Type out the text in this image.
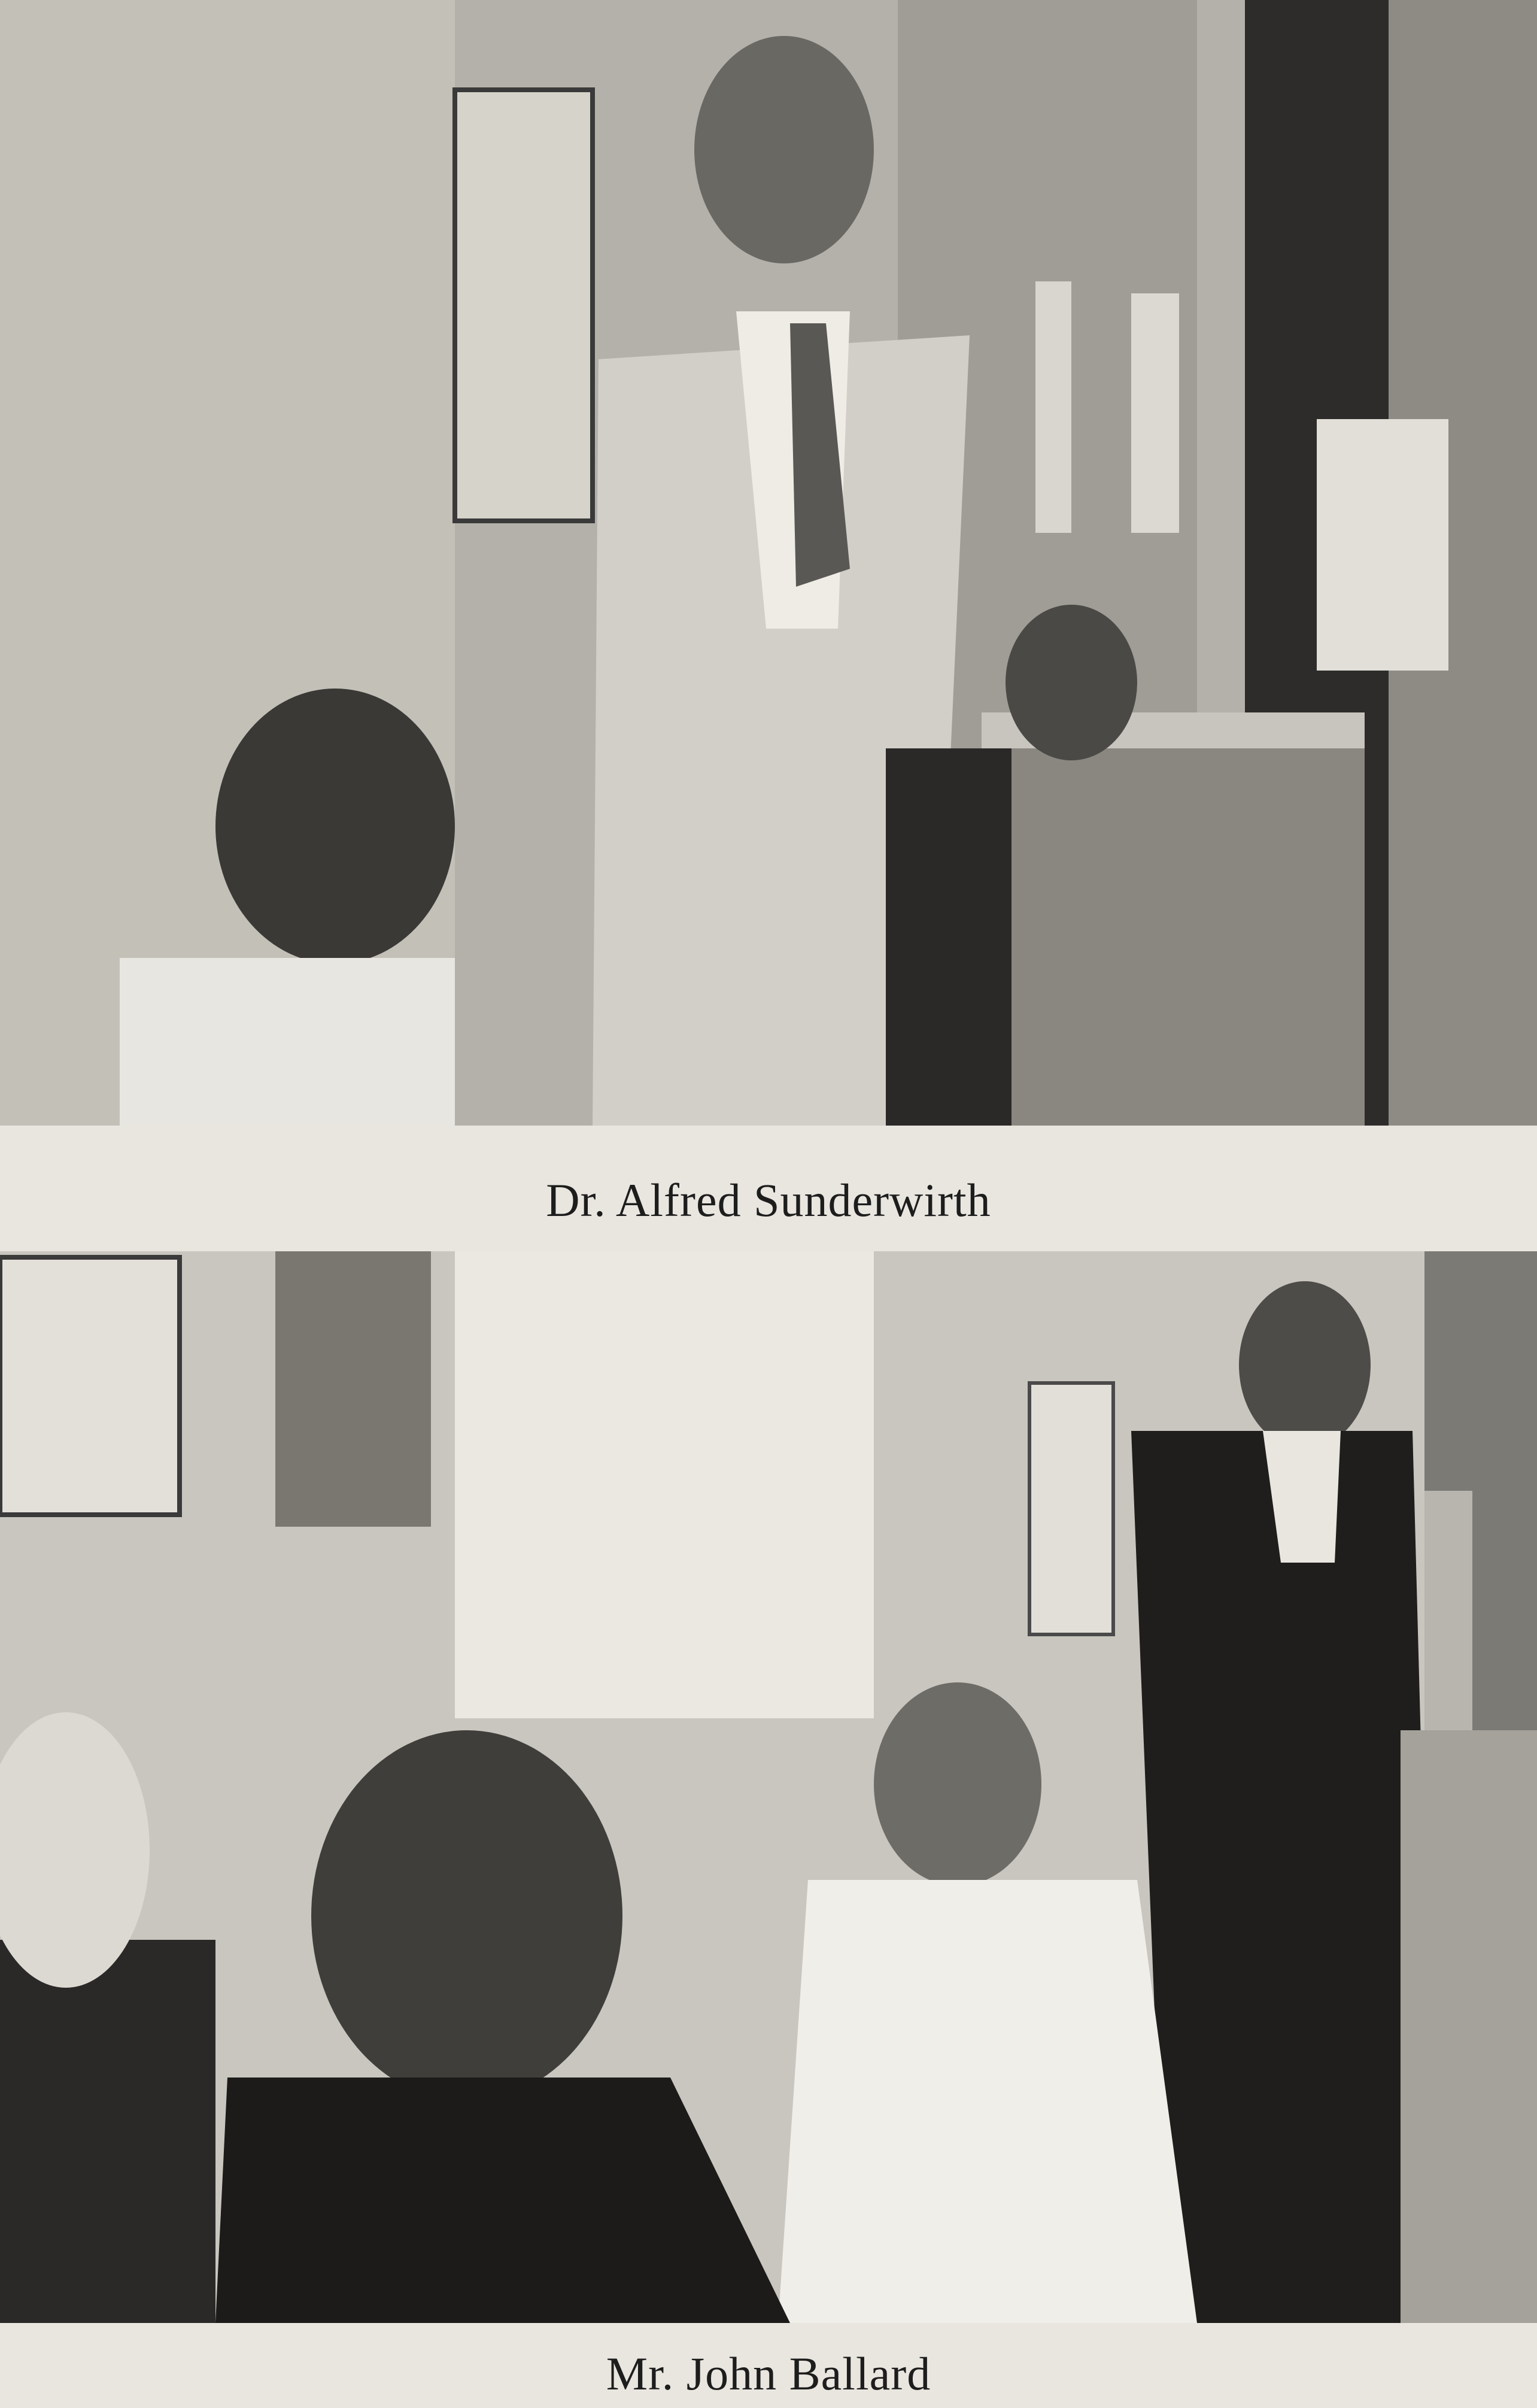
Dr. Alfred Sunderwirth
Mr. John Ballard
